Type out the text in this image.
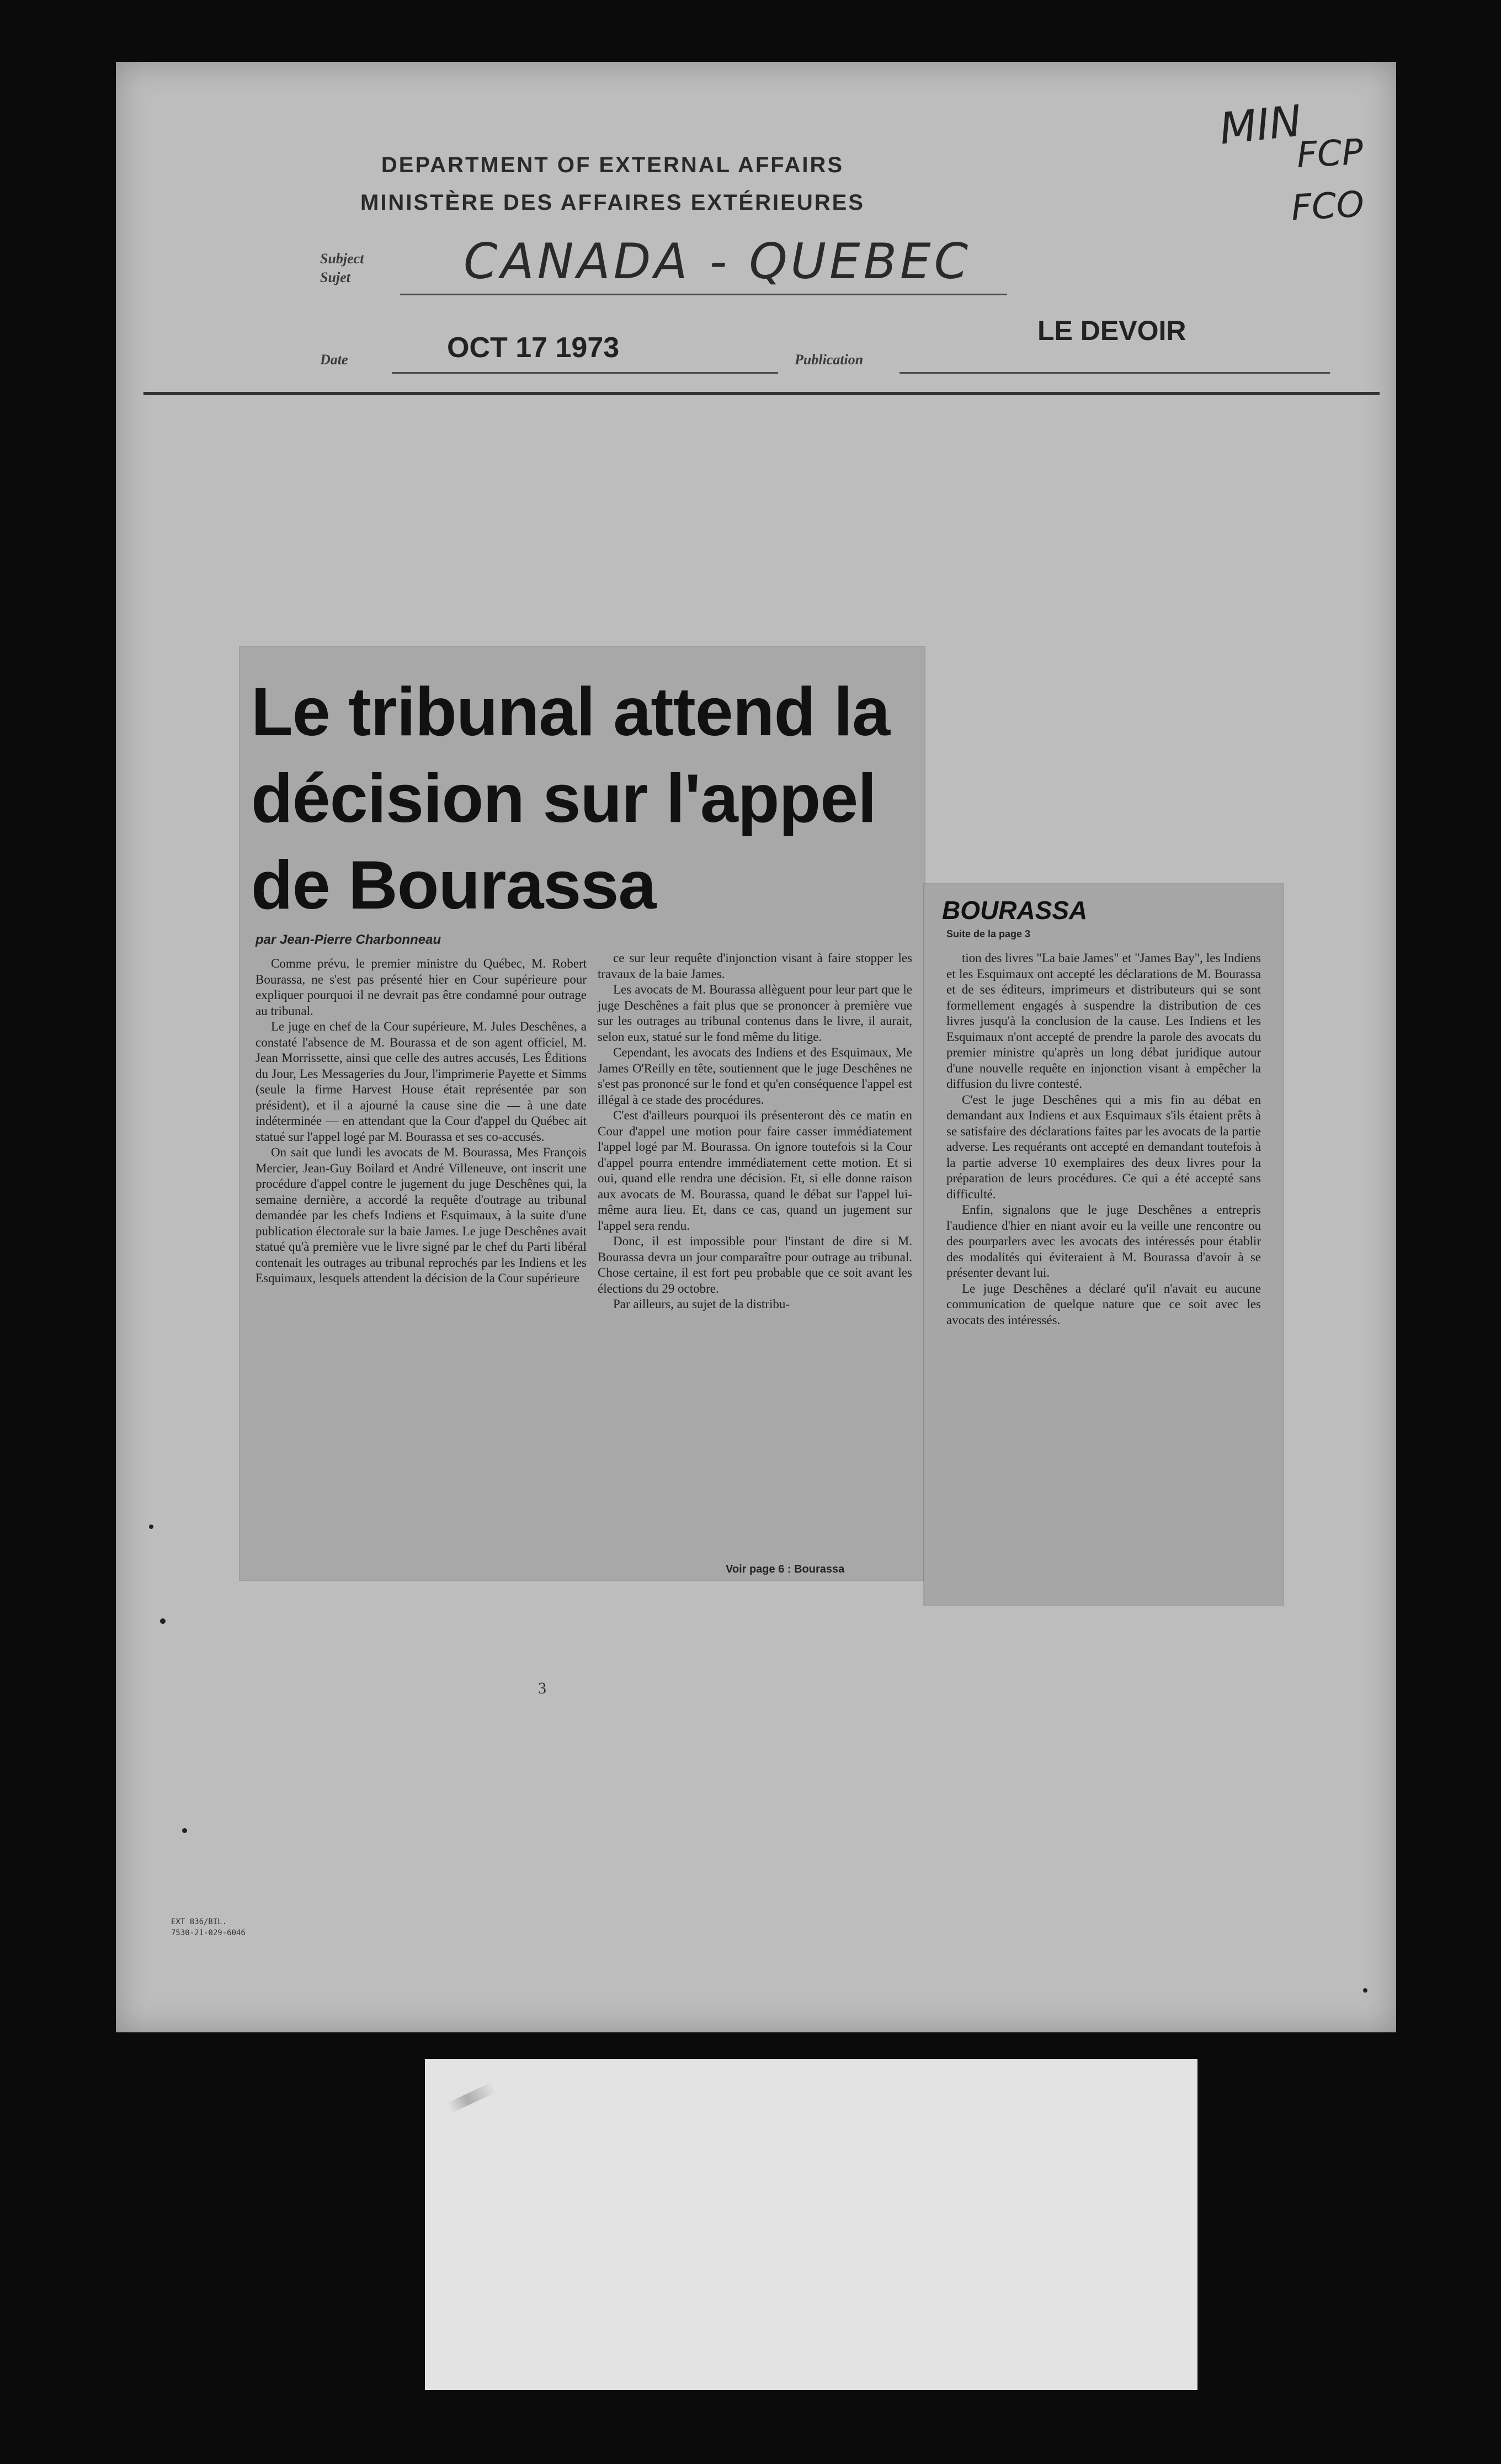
MIN
FCP
FCO
DEPARTMENT OF EXTERNAL AFFAIRS
MINISTÈRE DES AFFAIRES EXTÉRIEURES
Subject
Sujet CANADA - QUEBEC
Date	OCT 17 1973	Publication
LE DEVOIR
Le tribunal attend la décision sur l'appel de Bourassa
par Jean-Pierre Charbonneau

Comme prévu, le premier ministre du Québec, M. Robert Bourassa, ne s'est pas présenté hier en Cour supérieure pour expliquer pourquoi il ne devrait pas être condamné pour outrage au tribunal.

Le juge en chef de la Cour supérieure, M. Jules Deschênes, a constaté l'absence de M. Bourassa et de son agent officiel, M. Jean Morrissette, ainsi que celle des autres accusés, Les Éditions du Jour, Les Messageries du Jour, l'imprimerie Payette et Simms (seule la firme Harvest House était représentée par son président), et il a ajourné la cause sine die — à une date indéterminée — en attendant que la Cour d'appel du Québec ait statué sur l'appel logé par M. Bourassa et ses co-accusés.

On sait que lundi les avocats de M. Bourassa, Mes François Mercier, Jean-Guy Boilard et André Villeneuve, ont inscrit une procédure d'appel contre le jugement du juge Deschênes qui, la semaine dernière, a accordé la requête d'outrage au tribunal demandée par les chefs Indiens et Esquimaux, à la suite d'une publication électorale sur la baie James. Le juge Deschênes avait statué qu'à première vue le livre signé par le chef du Parti libéral contenait les outrages au tribunal reprochés par les Indiens et les Esquimaux, lesquels attendent la décision de la Cour supérieure

ce sur leur requête d'injonction visant à faire stopper les travaux de la baie James.

Les avocats de M. Bourassa allèguent pour leur part que le juge Deschênes a fait plus que se prononcer à première vue sur les outrages au tribunal contenus dans le livre, il aurait, selon eux, statué sur le fond même du litige.

Cependant, les avocats des Indiens et des Esquimaux, Me James O'Reilly en tête, soutiennent que le juge Deschênes ne s'est pas prononcé sur le fond et qu'en conséquence l'appel est illégal à ce stade des procédures.

C'est d'ailleurs pourquoi ils présenteront dès ce matin en Cour d'appel une motion pour faire casser immédiatement l'appel logé par M. Bourassa. On ignore toutefois si la Cour d'appel pourra entendre immédiatement cette motion. Et si oui, quand elle rendra une décision. Et, si elle donne raison aux avocats de M. Bourassa, quand le débat sur l'appel lui-même aura lieu. Et, dans ce cas, quand un jugement sur l'appel sera rendu.

Donc, il est impossible pour l'instant de dire si M. Bourassa devra un jour comparaître pour outrage au tribunal. Chose certaine, il est fort peu probable que ce soit avant les élections du 29 octobre.

Par ailleurs, au sujet de la distribu-

Voir page 6 : Bourassa
BOURASSA
Suite de la page 3

tion des livres "La baie James" et "James Bay", les Indiens et les Esquimaux ont accepté les déclarations de M. Bourassa et de ses éditeurs, imprimeurs et distributeurs qui se sont formellement engagés à suspendre la distribution de ces livres jusqu'à la conclusion de la cause. Les Indiens et les Esquimaux n'ont accepté de prendre la parole des avocats du premier ministre qu'après un long débat juridique autour d'une nouvelle requête en injonction visant à empêcher la diffusion du livre contesté.

C'est le juge Deschênes qui a mis fin au débat en demandant aux Indiens et aux Esquimaux s'ils étaient prêts à se satisfaire des déclarations faites par les avocats de la partie adverse. Les requérants ont accepté en demandant toutefois à la partie adverse 10 exemplaires des deux livres pour la préparation de leurs procédures. Ce qui a été accepté sans difficulté.

Enfin, signalons que le juge Deschênes a entrepris l'audience d'hier en niant avoir eu la veille une rencontre ou des pourparlers avec les avocats des intéressés pour établir des modalités qui éviteraient à M. Bourassa d'avoir à se présenter devant lui.

Le juge Deschênes a déclaré qu'il n'avait eu aucune communication de quelque nature que ce soit avec les avocats des intéressés.

3
EXT 836/BIL.
7530-21-029-6046
